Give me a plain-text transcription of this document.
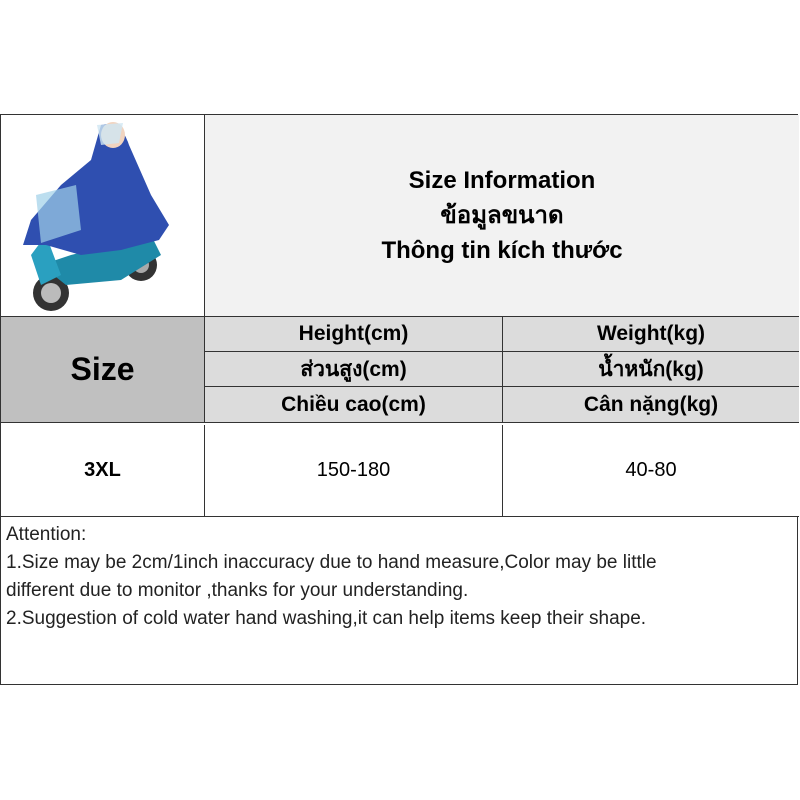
Size Information
ข้อมูลขนาด
Thông tin kích thước
Size
Height(cm)
ส่วนสูง(cm)
Chiều cao(cm)
Weight(kg)
น้ำหนัก(kg)
Cân nặng(kg)
3XL	150-180	40-80
Attention:
1.Size may be 2cm/1inch inaccuracy due to hand measure,Color may be little
different due to monitor ,thanks for your understanding.
2.Suggestion of cold water hand washing,it can help items keep their shape.
